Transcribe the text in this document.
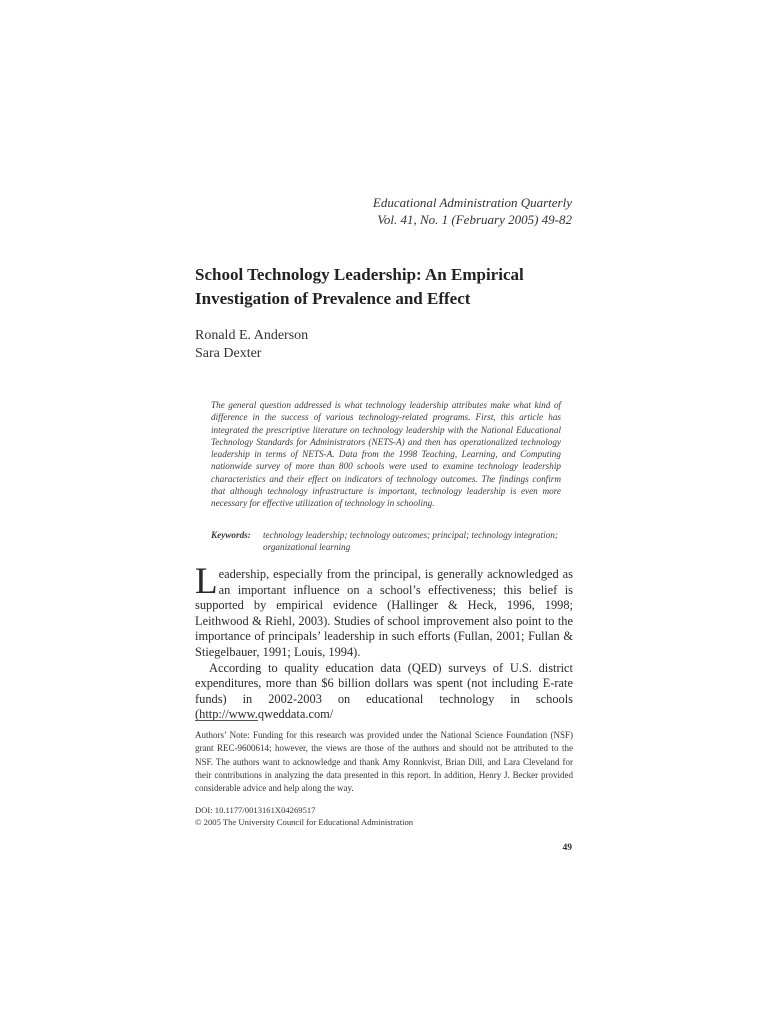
Educational Administration Quarterly
Vol. 41, No. 1 (February 2005) 49-82
School Technology Leadership: An Empirical Investigation of Prevalence and Effect
Ronald E. Anderson
Sara Dexter
The general question addressed is what technology leadership attributes make what kind of difference in the success of various technology-related programs. First, this article has integrated the prescriptive literature on technology leadership with the National Educational Technology Standards for Administrators (NETS-A) and then has operationalized technology leadership in terms of NETS-A. Data from the 1998 Teaching, Learning, and Computing nationwide survey of more than 800 schools were used to examine technology leadership characteristics and their effect on indicators of technology outcomes. The findings confirm that although technology infrastructure is important, technology leadership is even more necessary for effective utilization of technology in schooling.
Keywords:	technology leadership; technology outcomes; principal; technology integration; organizational learning

Leadership, especially from the principal, is generally acknowledged as an important influence on a school’s effectiveness; this belief is supported by empirical evidence (Hallinger & Heck, 1996, 1998; Leithwood & Riehl, 2003). Studies of school improvement also point to the importance of principals’ leadership in such efforts (Fullan, 2001; Fullan & Stiegelbauer, 1991; Louis, 1994).

According to quality education data (QED) surveys of U.S. district expenditures, more than $6 billion dollars was spent (not including E-rate funds) in 2002-2003 on educational technology in schools (http://www.qweddata.com/

Authors’ Note: Funding for this research was provided under the National Science Foundation (NSF) grant REC-9600614; however, the views are those of the authors and should not be attributed to the NSF. The authors want to acknowledge and thank Amy Ronnkvist, Brian Dill, and Lara Cleveland for their contributions in analyzing the data presented in this report. In addition, Henry J. Becker provided considerable advice and help along the way.
DOI: 10.1177/0013161X04269517
© 2005 The University Council for Educational Administration
49
